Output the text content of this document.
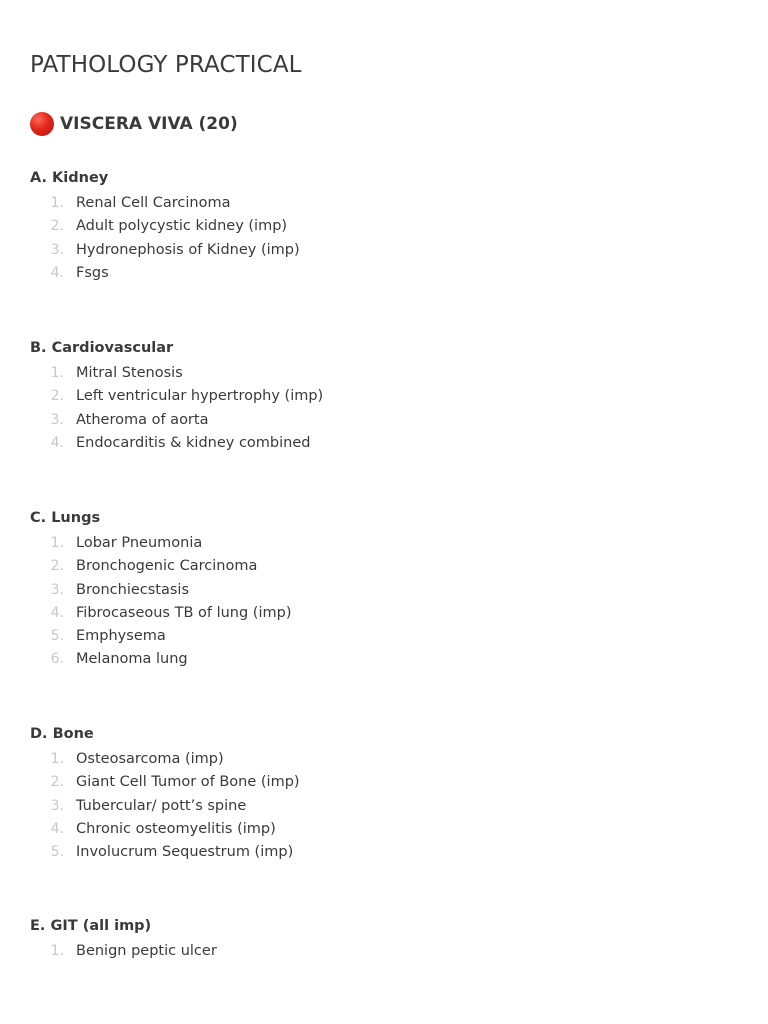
PATHOLOGY PRACTICAL
VISCERA VIVA (20)
A. Kidney
1. Renal Cell Carcinoma
2. Adult polycystic kidney (imp)
3. Hydronephosis of Kidney (imp)
4. Fsgs
B. Cardiovascular
1. Mitral Stenosis
2. Left ventricular hypertrophy (imp)
3. Atheroma of aorta
4. Endocarditis & kidney combined
C. Lungs
1. Lobar Pneumonia
2. Bronchogenic Carcinoma
3. Bronchiecstasis
4. Fibrocaseous TB of lung (imp)
5. Emphysema
6. Melanoma lung
D. Bone
1. Osteosarcoma (imp)
2. Giant Cell Tumor of Bone (imp)
3. Tubercular/ pott’s spine
4. Chronic osteomyelitis (imp)
5. Involucrum Sequestrum (imp)
E. GIT (all imp)
1. Benign peptic ulcer
